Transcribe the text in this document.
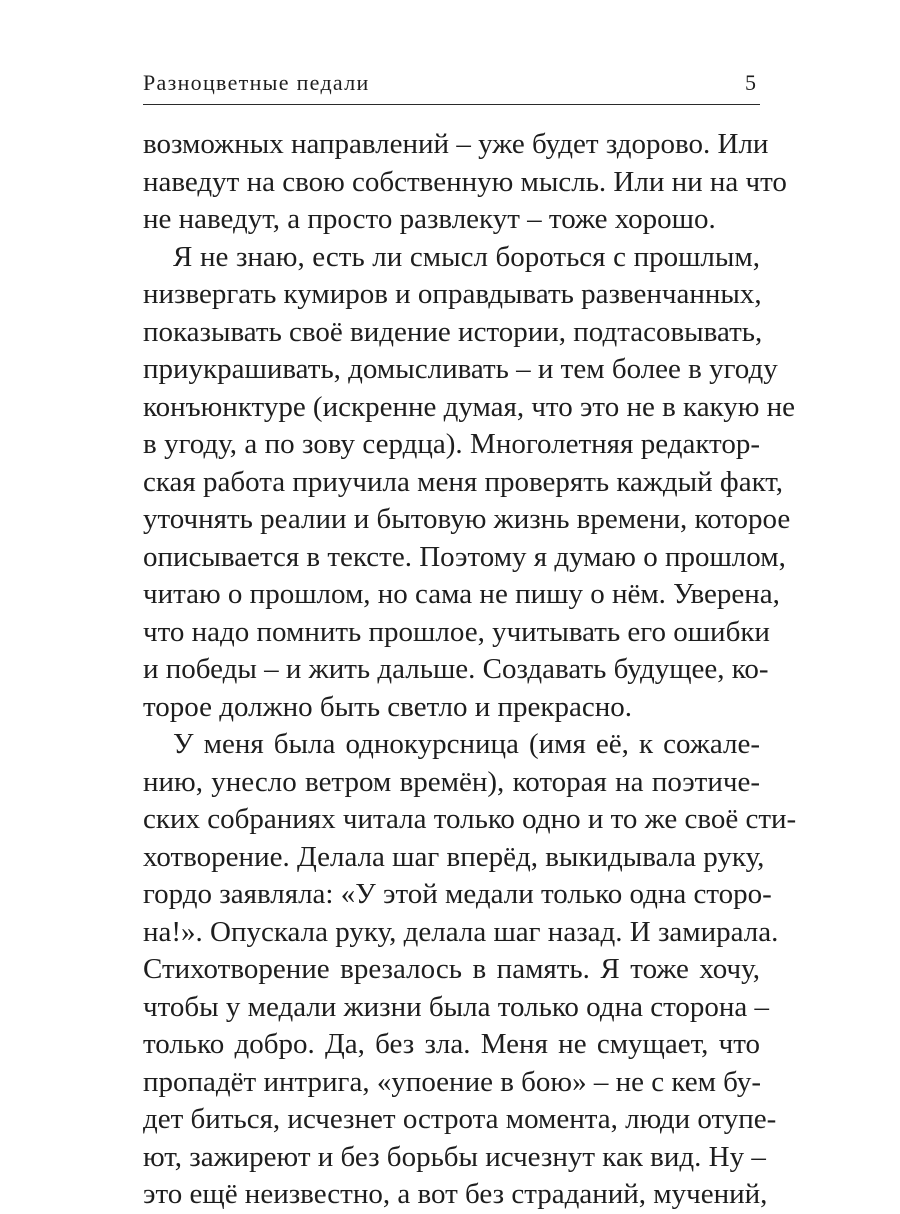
Разноцветные педали	5
возможных направлений – уже будет здорово. Или
наведут на свою собственную мысль. Или ни на что
не наведут, а просто развлекут – тоже хорошо.
Я не знаю, есть ли смысл бороться с прошлым,
низвергать кумиров и оправдывать развенчанных,
показывать своё видение истории, подтасовывать,
приукрашивать, домысливать – и тем более в угоду
конъюнктуре (искренне думая, что это не в какую не
в угоду, а по зову сердца). Многолетняя редактор-
ская работа приучила меня проверять каждый факт,
уточнять реалии и бытовую жизнь времени, которое
описывается в тексте. Поэтому я думаю о прошлом,
читаю о прошлом, но сама не пишу о нём. Уверена,
что надо помнить прошлое, учитывать его ошибки
и победы – и жить дальше. Создавать будущее, ко-
торое должно быть светло и прекрасно.
У меня была однокурсница (имя её, к сожале-
нию, унесло ветром времён), которая на поэтиче-
ских собраниях читала только одно и то же своё сти-
хотворение. Делала шаг вперёд, выкидывала руку,
гордо заявляла: «У этой медали только одна сторо-
на!». Опускала руку, делала шаг назад. И замирала.
Стихотворение врезалось в память. Я тоже хочу,
чтобы у медали жизни была только одна сторона –
только добро. Да, без зла. Меня не смущает, что
пропадёт интрига, «упоение в бою» – не с кем бу-
дет биться, исчезнет острота момента, люди отупе-
ют, зажиреют и без борьбы исчезнут как вид. Ну –
это ещё неизвестно, а вот без страданий, мучений,
